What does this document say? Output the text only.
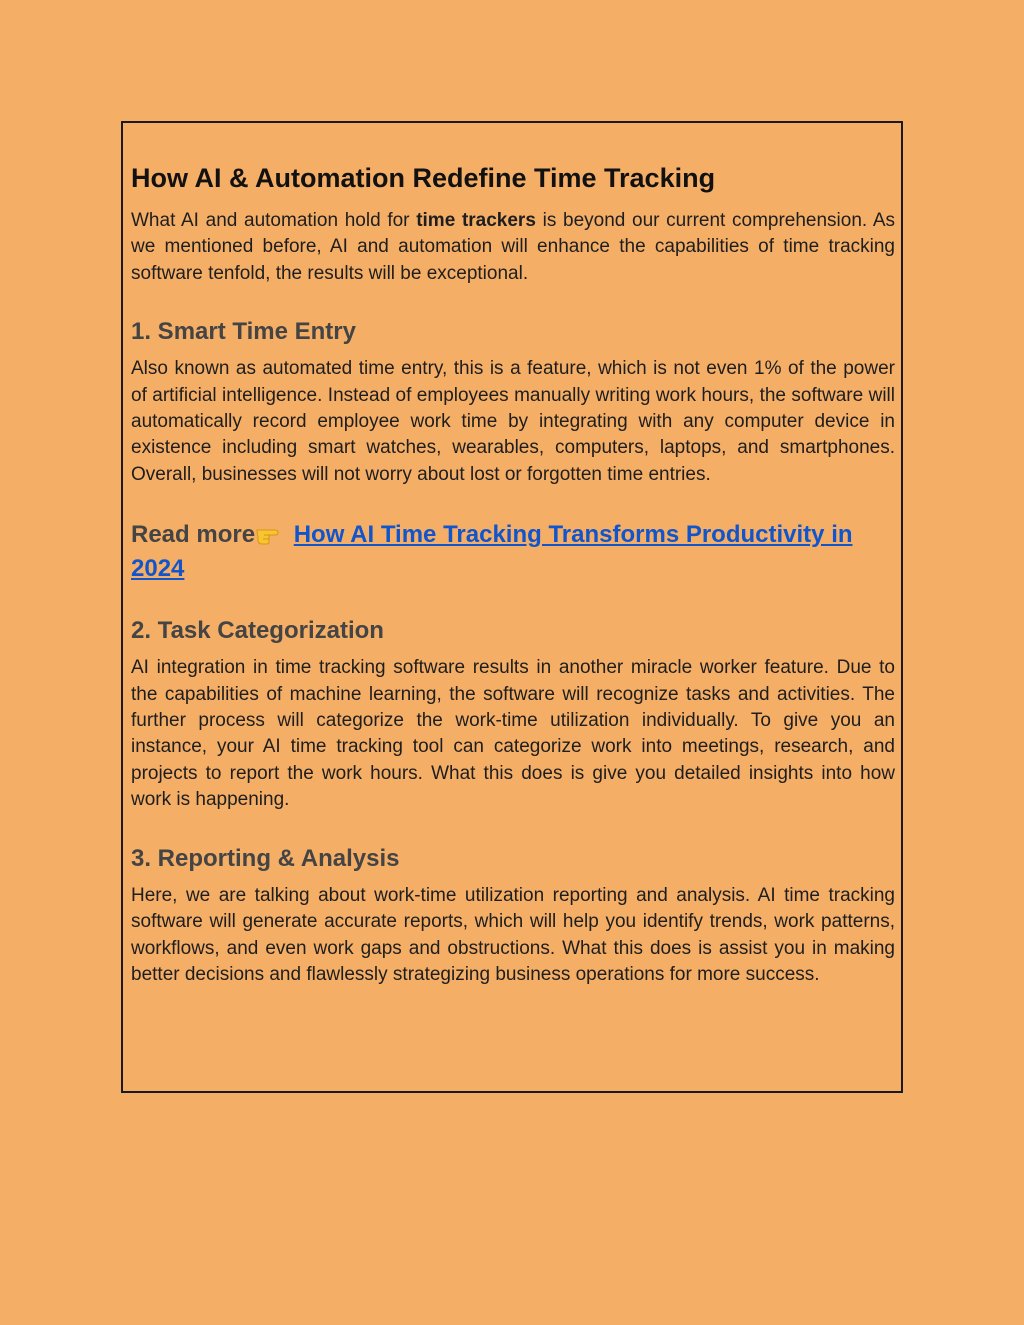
How AI & Automation Redefine Time Tracking

What AI and automation hold for time trackers is beyond our current comprehension. As we mentioned before, AI and automation will enhance the capabilities of time tracking software tenfold, the results will be exceptional.

1. Smart Time Entry

Also known as automated time entry, this is a feature, which is not even 1% of the power of artificial intelligence. Instead of employees manually writing work hours, the software will automatically record employee work time by integrating with any computer device in existence including smart watches, wearables, computers, laptops, and smartphones. Overall, businesses will not worry about lost or forgotten time entries.

Read more How AI Time Tracking Transforms Productivity in 2024
2. Task Categorization

AI integration in time tracking software results in another miracle worker feature. Due to the capabilities of machine learning, the software will recognize tasks and activities. The further process will categorize the work-time utilization individually. To give you an instance, your AI time tracking tool can categorize work into meetings, research, and projects to report the work hours. What this does is give you detailed insights into how work is happening.

3. Reporting & Analysis

Here, we are talking about work-time utilization reporting and analysis. AI time tracking software will generate accurate reports, which will help you identify trends, work patterns, workflows, and even work gaps and obstructions. What this does is assist you in making better decisions and flawlessly strategizing business operations for more success.
